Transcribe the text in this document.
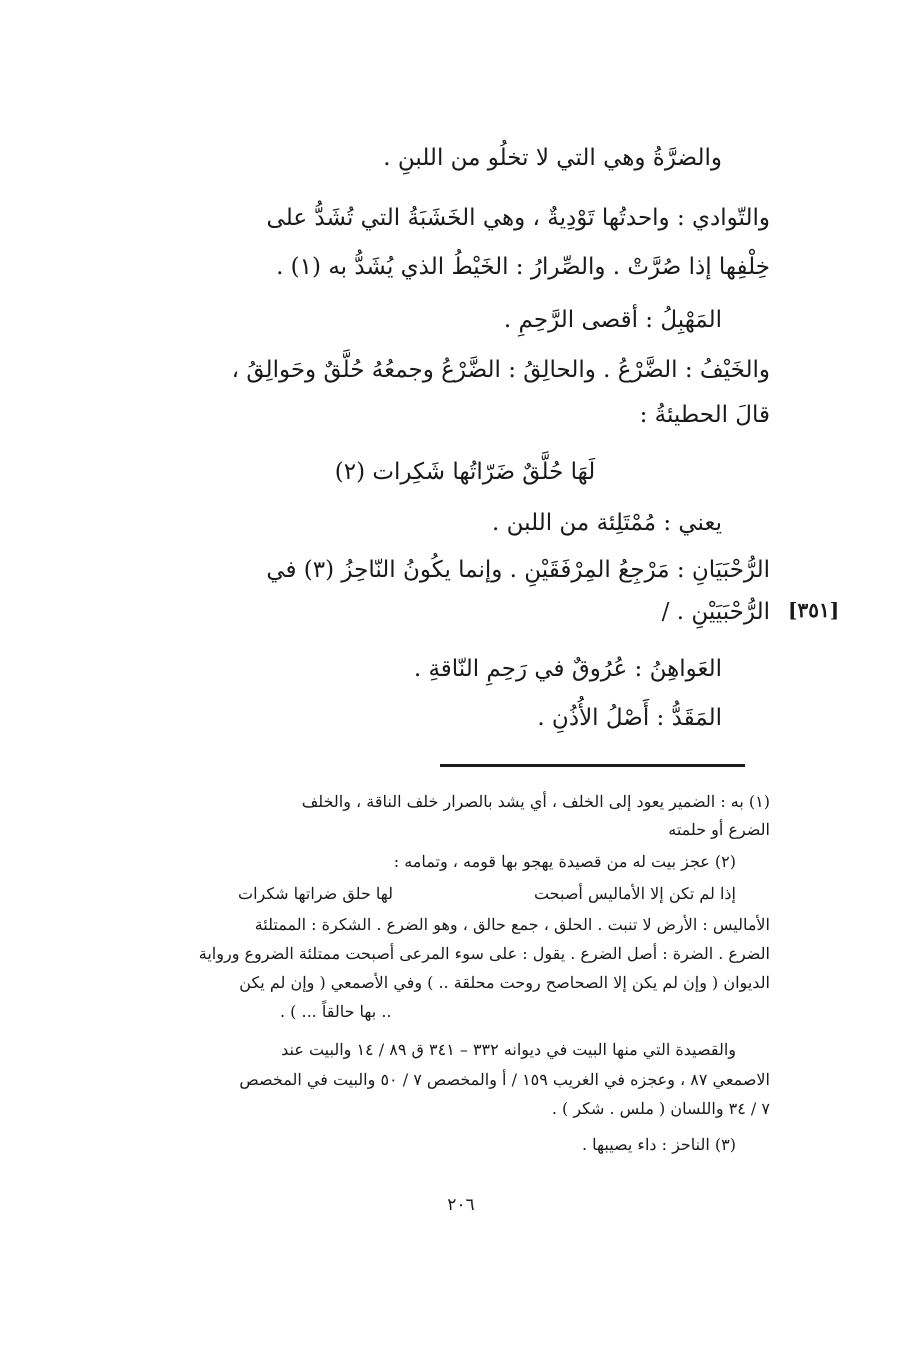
والضرَّةُ وهي التي لا تخلُو من اللبنِ .
والتّوادي : واحدتُها تَوْدِيةٌ ، وهي الخَشَبَةُ التي تُشَدُّ على
خِلْفِها إذا صُرَّتْ . والصِّرارُ : الخَيْطُ الذي يُشَدُّ به (١) .
المَهْبِلُ : أقصى الرَّحِمِ .
والخَيْفُ : الضَّرْعُ . والحالِقُ : الضَّرْعُ وجمعُهُ حُلَّقٌ وحَوالِقُ ،
قالَ الحطيئةُ :
لَهَا حُلَّقٌ ضَرّاتُها شَكِرات (٢)
يعني : مُمْتَلِئة من اللبن .
الرُّحْبَيَانِ : مَرْجِعُ المِرْفَقَيْنِ . وإنما يكُونُ النّاحِزُ (٣) في
الرُّحْبَيَيْنِ . /
العَواهِنُ : عُرُوقٌ في رَحِمِ النّاقةِ .
المَقَدُّ : أَصْلُ الأُذُنِ .
[٣٥١]
(١) به : الضمير يعود إلى الخلف ، أي يشد بالصرار خلف الناقة ، والخلف
الضرع أو حلمته
(٢) عجز بيت له من قصيدة يهجو بها قومه ، وتمامه :
إذا لم تكن إلا الأماليس أصبحت
لها حلق ضراتها شكرات
الأماليس : الأرض لا تنبت . الحلق ، جمع حالق ، وهو الضرع . الشكرة : الممتلئة
الضرع . الضرة : أصل الضرع . يقول : على سوء المرعى أصبحت ممتلئة الضروع ورواية
الديوان ( وإن لم يكن إلا الصحاصح روحت محلقة .. ) وفي الأصمعي ( وإن لم يكن
.. بها حالقاً ... ) .
والقصيدة التي منها البيت في ديوانه ٣٣٢ – ٣٤١ ق ٨٩ / ١٤ والبيت عند
الاصمعي ٨٧ ، وعجزه في الغريب ١٥٩ / أ والمخصص ٧ / ٥٠ والبيت في المخصص
٧ / ٣٤ واللسان ( ملس . شكر ) .
(٣) الناحز : داء يصيبها .
٢٠٦
